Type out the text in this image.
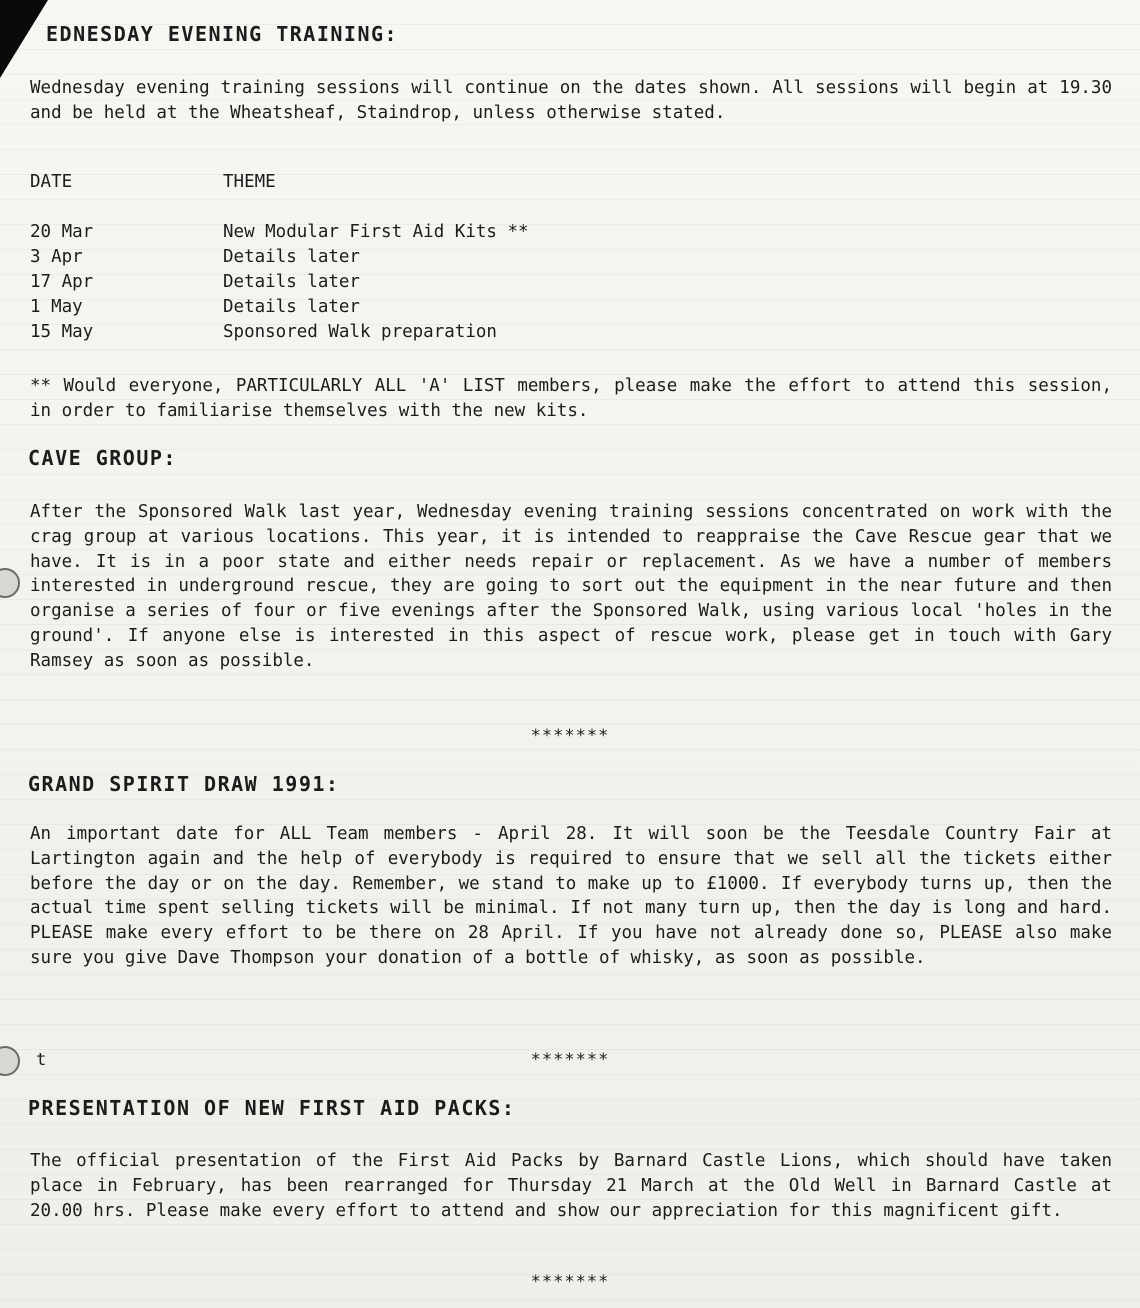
t
EDNESDAY EVENING TRAINING:

Wednesday evening training sessions will continue on the dates shown. All sessions will begin at 19.30 and be held at the Wheatsheaf, Staindrop, unless otherwise stated.

DATE	THEME
20 Mar	New Modular First Aid Kits **
3 Apr	Details later
17 Apr	Details later
1 May	Details later
15 May	Sponsored Walk preparation

** Would everyone, PARTICULARLY ALL 'A' LIST members, please make the effort to attend this session, in order to familiarise themselves with the new kits.

CAVE GROUP:

After the Sponsored Walk last year, Wednesday evening training sessions concentrated on work with the crag group at various locations. This year, it is intended to reappraise the Cave Rescue gear that we have. It is in a poor state and either needs repair or replacement. As we have a number of members interested in underground rescue, they are going to sort out the equipment in the near future and then organise a series of four or five evenings after the Sponsored Walk, using various local 'holes in the ground'. If anyone else is interested in this aspect of rescue work, please get in touch with Gary Ramsey as soon as possible.

*******

GRAND SPIRIT DRAW 1991:

An important date for ALL Team members - April 28. It will soon be the Teesdale Country Fair at Lartington again and the help of everybody is required to ensure that we sell all the tickets either before the day or on the day. Remember, we stand to make up to £1000. If everybody turns up, then the actual time spent selling tickets will be minimal. If not many turn up, then the day is long and hard. PLEASE make every effort to be there on 28 April. If you have not already done so, PLEASE also make sure you give Dave Thompson your donation of a bottle of whisky, as soon as possible.

*******

PRESENTATION OF NEW FIRST AID PACKS:

The official presentation of the First Aid Packs by Barnard Castle Lions, which should have taken place in February, has been rearranged for Thursday 21 March at the Old Well in Barnard Castle at 20.00 hrs. Please make every effort to attend and show our appreciation for this magnificent gift.

*******
